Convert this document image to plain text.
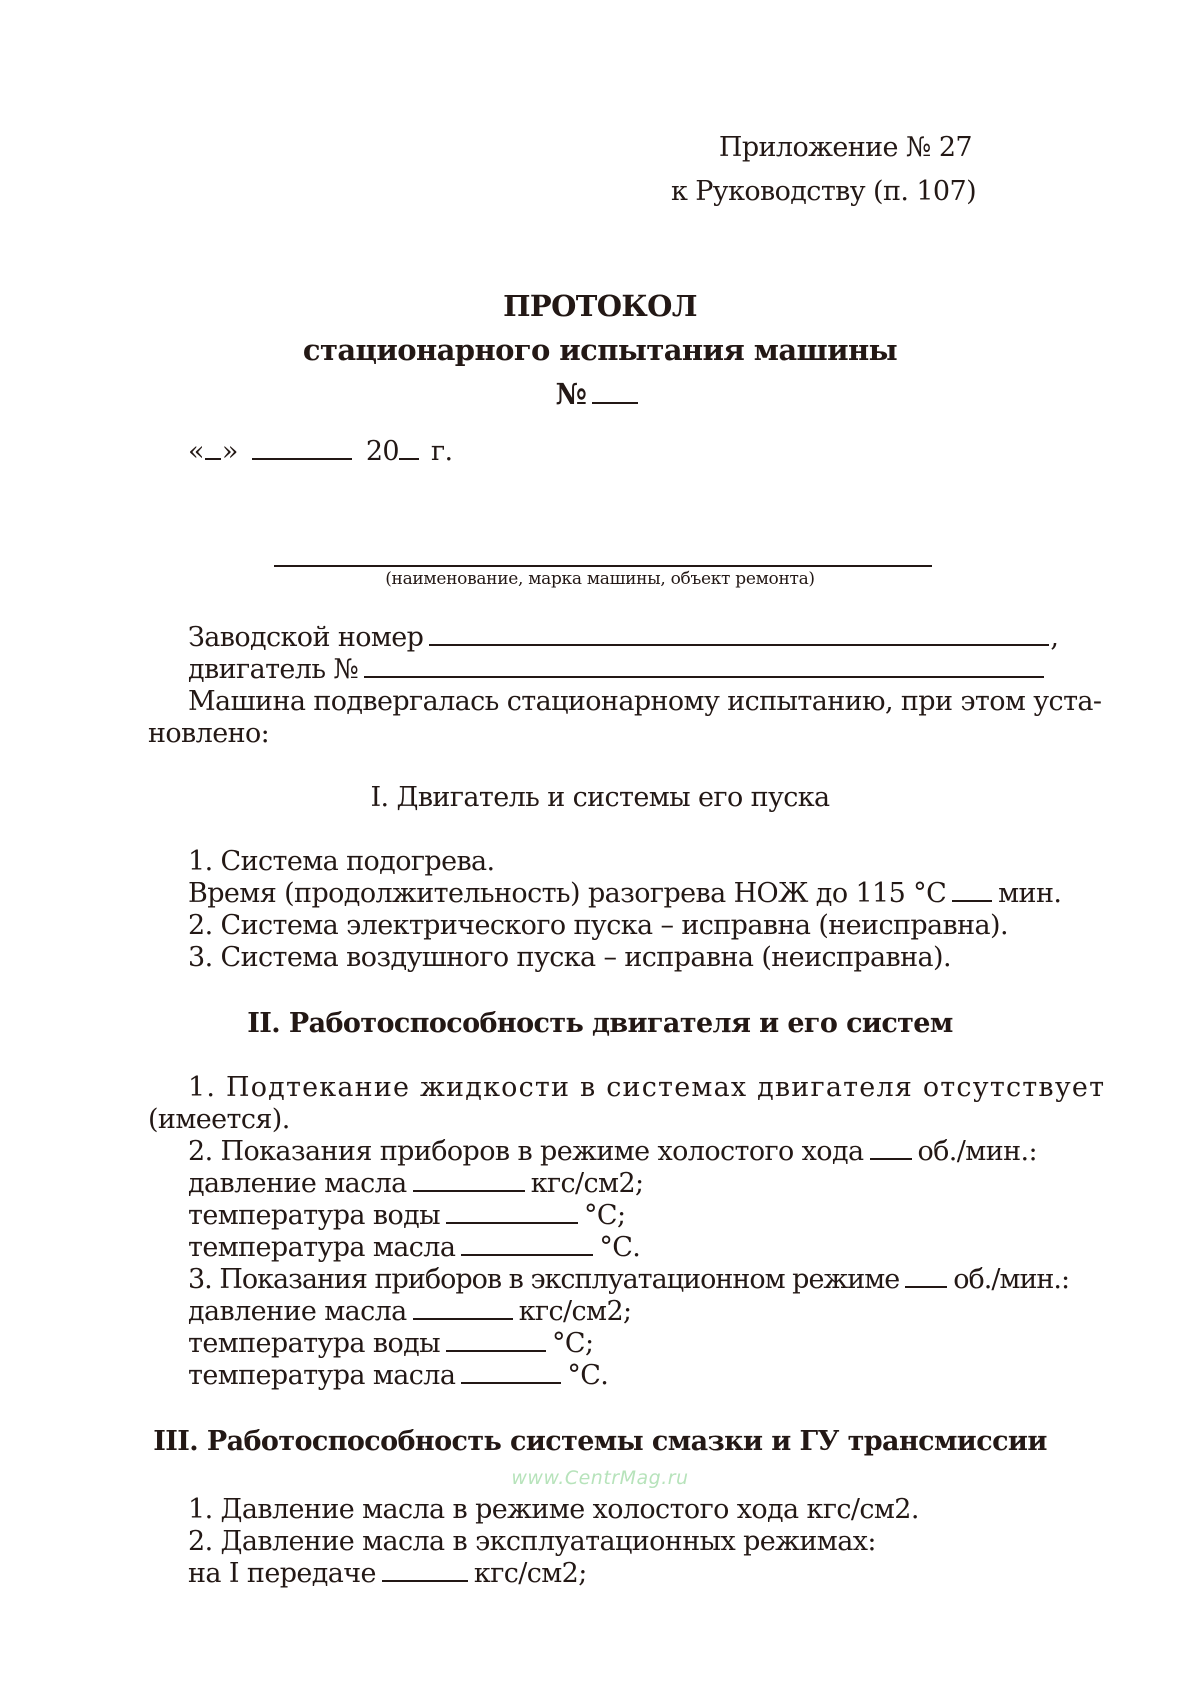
Приложение № 27
к Руководству (п. 107)
ПРОТОКОЛ
стационарного испытания машины
№
« »	20 г.
(наименование, марка машины, объект ремонта)
Заводской номер	,
двигатель №
Машина подвергалась стационарному испытанию, при этом уста-
новлено:
I. Двигатель и системы его пуска
1. Система подогрева.
Время (продолжительность) разогрева НОЖ до 115 °С мин.
2. Система электрического пуска – исправна (неисправна).
3. Система воздушного пуска – исправна (неисправна).
II. Работоспособность двигателя и его систем
1. Подтекание жидкости в системах двигателя отсутствует
(имеется).
2. Показания приборов в режиме холостого хода об./мин.:
давление масла	кгс/см2;
температура воды	°С;
температура масла	°С.
3. Показания приборов в эксплуатационном режиме об./мин.:
давление масла	кгс/см2;
температура воды	°С;
температура масла	°С.
III. Работоспособность системы смазки и ГУ трансмиссии
www.CentrMag.ru
1. Давление масла в режиме холостого хода кгс/см2.
2. Давление масла в эксплуатационных режимах:
на I передаче	кгс/см2;
